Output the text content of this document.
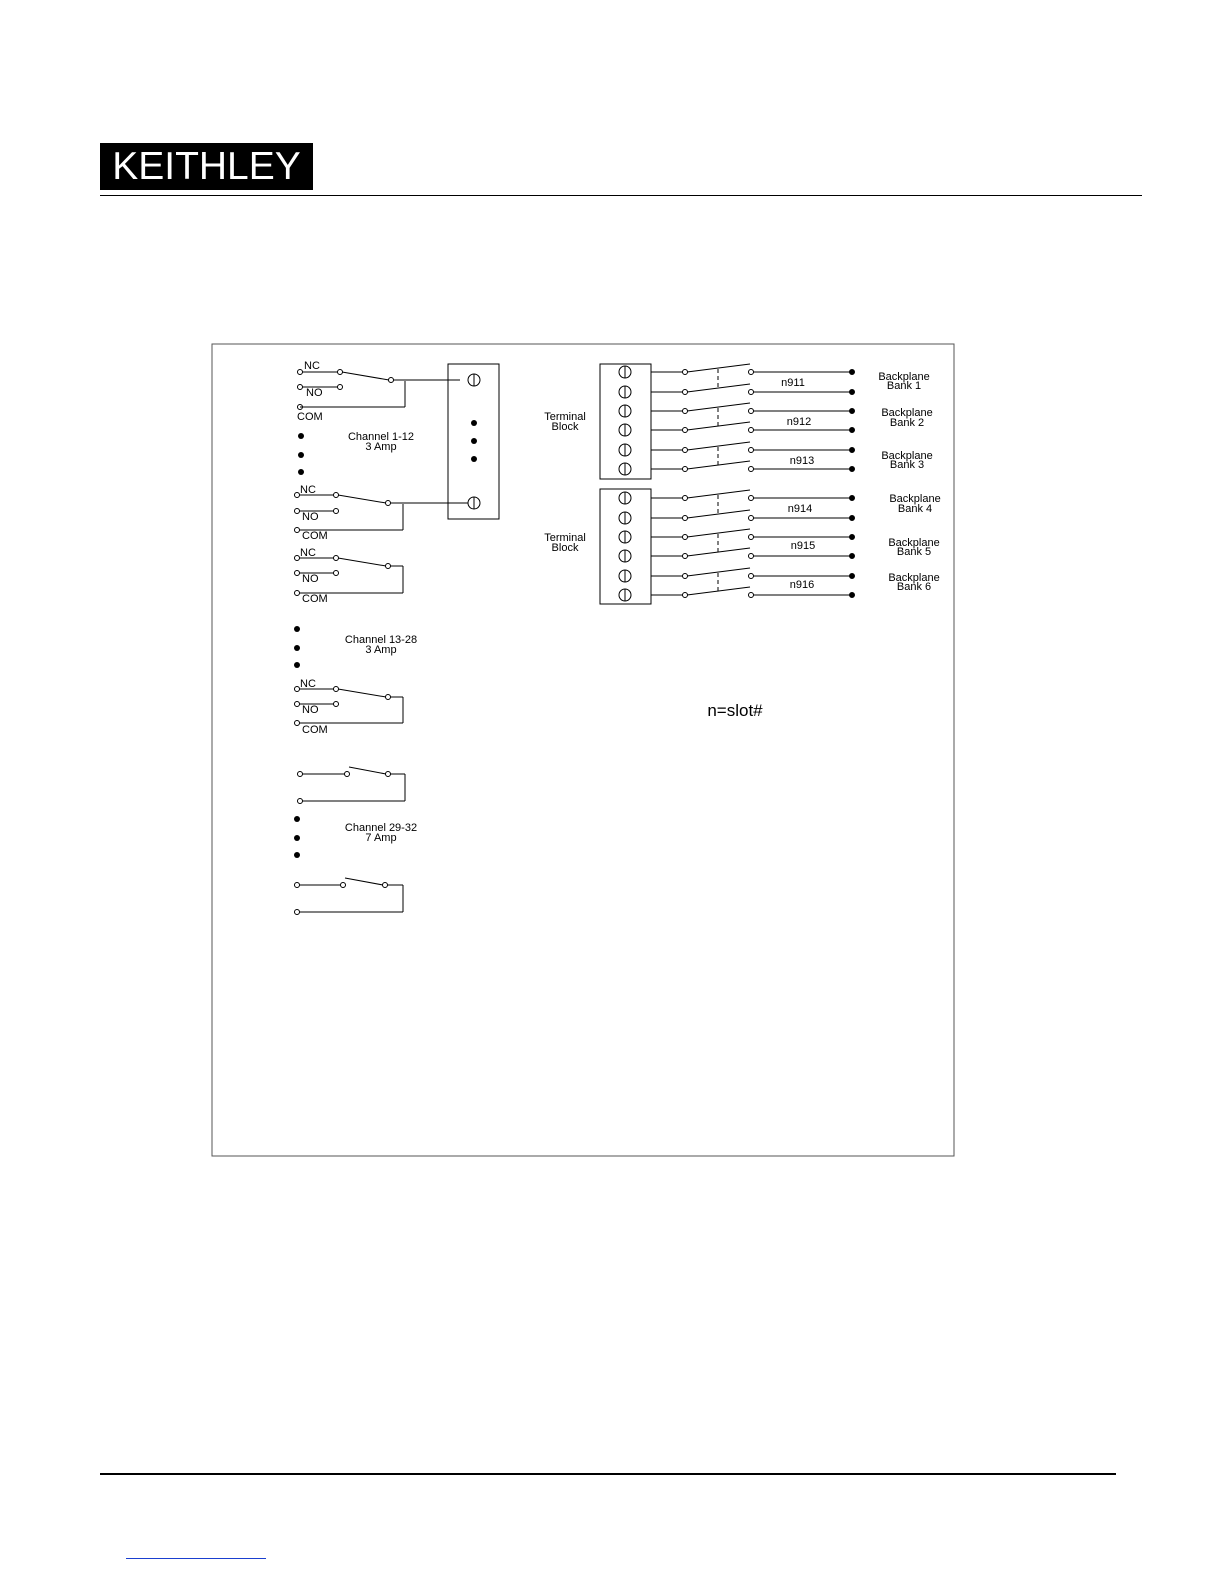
KEITHLEY
NC
NO
COM
NC
NO
COM
NC
NO
COM
NC
NO
COM
Channel 1-12
3 Amp
Channel 13-28
3 Amp
Channel 29-32
7 Amp
Terminal
Block
Terminal
Block
n911
n912
n913
n914
n915
n916
Backplane
Bank 1
Backplane
Bank 2
Backplane
Bank 3
Backplane
Bank 4
Backplane
Bank 5
Backplane
Bank 6
n=slot#
